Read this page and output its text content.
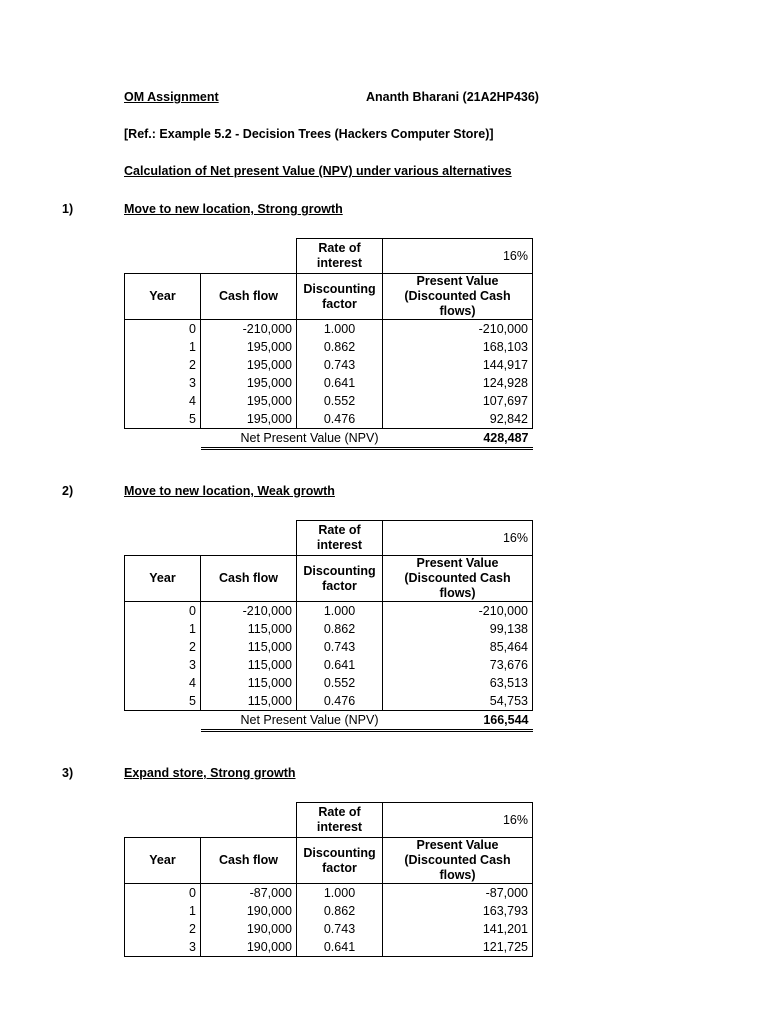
OM Assignment	Ananth Bharani (21A2HP436)
[Ref.: Example 5.2 - Decision Trees (Hackers Computer Store)]
Calculation of Net present Value (NPV) under various alternatives
1)	Move to new location, Strong growth
		Rate of interest	16%
Year	Cash flow	Discounting factor	Present Value (Discounted Cash flows)
0	-210,000	1.000	-210,000
1	195,000	0.862	168,103
2	195,000	0.743	144,917
3	195,000	0.641	124,928
4	195,000	0.552	107,697
5	195,000	0.476	92,842
	Net Present Value (NPV)		428,487
2)	Move to new location, Weak growth
		Rate of interest	16%
Year	Cash flow	Discounting factor	Present Value (Discounted Cash flows)
0	-210,000	1.000	-210,000
1	115,000	0.862	99,138
2	115,000	0.743	85,464
3	115,000	0.641	73,676
4	115,000	0.552	63,513
5	115,000	0.476	54,753
	Net Present Value (NPV)		166,544
3)	Expand store, Strong growth
		Rate of interest	16%
Year	Cash flow	Discounting factor	Present Value (Discounted Cash flows)
0	-87,000	1.000	-87,000
1	190,000	0.862	163,793
2	190,000	0.743	141,201
3	190,000	0.641	121,725
